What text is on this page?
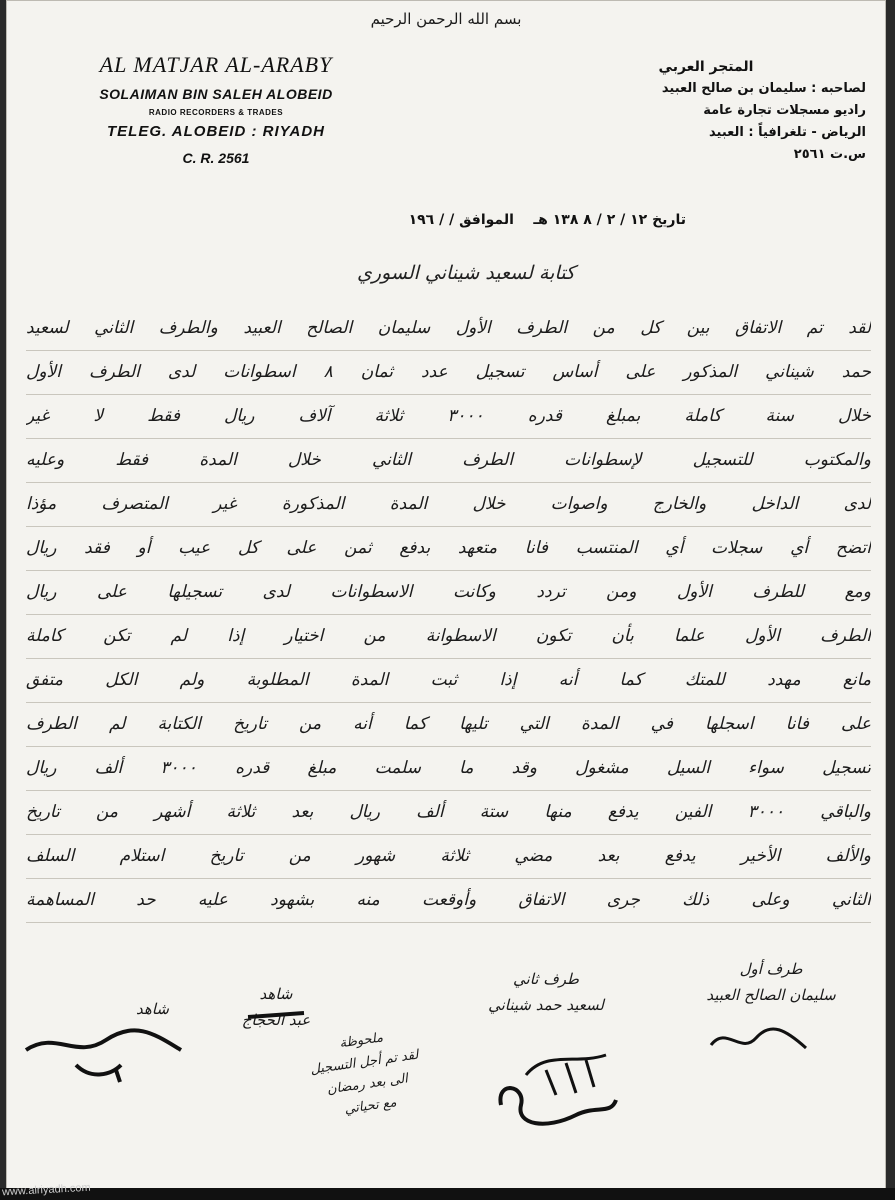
بسم الله الرحمن الرحيم
AL MATJAR AL-ARABY
SOLAIMAN BIN SALEH ALOBEID
RADIO RECORDERS & TRADES
TELEG. ALOBEID : RIYADH
C. R. 2561
المتجر العربي
لصاحبه : سليمان بن صالح العبيد
راديو مسجلات تجارة عامة
الرياض - تلغرافياً : العبيد
س.ت ٢٥٦١
تاريخ ١٢ / ٢ / ٨ ١٣٨ هـ    الموافق / / ١٩٦
كتابة لسعيد شيناني السوري
لقد تم الاتفاق بين كل من الطرف الأول سليمان الصالح العبيد والطرف الثاني لسعيد
حمد شيناني المذكور على أساس تسجيل عدد ثمان ٨ اسطوانات لدى الطرف الأول
خلال سنة كاملة بمبلغ قدره ٣٠٠٠ ثلاثة آلاف ريال فقط لا غير
والمكتوب للتسجيل لإسطوانات الطرف الثاني خلال المدة فقط وعليه
لدى الداخل والخارج واصوات خلال المدة المذكورة غير المتصرف مؤذا
اتضح أي سجلات أي المنتسب فانا متعهد بدفع ثمن على كل عيب أو فقد ريال
ومع للطرف الأول ومن تردد وكانت الاسطوانات لدى تسجيلها على ريال
الطرف الأول علما بأن تكون الاسطوانة من اختيار إذا لم تكن كاملة
مانع مهدد للمتك كما أنه إذا ثبت المدة المطلوبة ولم الكل متفق
على فانا اسجلها في المدة التي تليها كما أنه من تاريخ الكتابة لم الطرف
تسجيل سواء السيل مشغول وقد ما سلمت مبلغ قدره ٣٠٠٠ ألف ريال
والباقي ٣٠٠٠ الفين يدفع منها ستة ألف ريال بعد ثلاثة أشهر من تاريخ
والألف الأخير يدفع بعد مضي ثلاثة شهور من تاريخ استلام السلف
الثاني وعلى ذلك جرى الاتفاق وأوقعت منه بشهود عليه حد المساهمة
طرف أول
سليمان الصالح العبيد
طرف ثاني
لسعيد حمد شيناني
شاهد
عبد الحجاج
شاهد
ملحوظة
لقد تم أجل التسجيل
الى بعد رمضان
مع تحياتي
www.alriyadh.com
